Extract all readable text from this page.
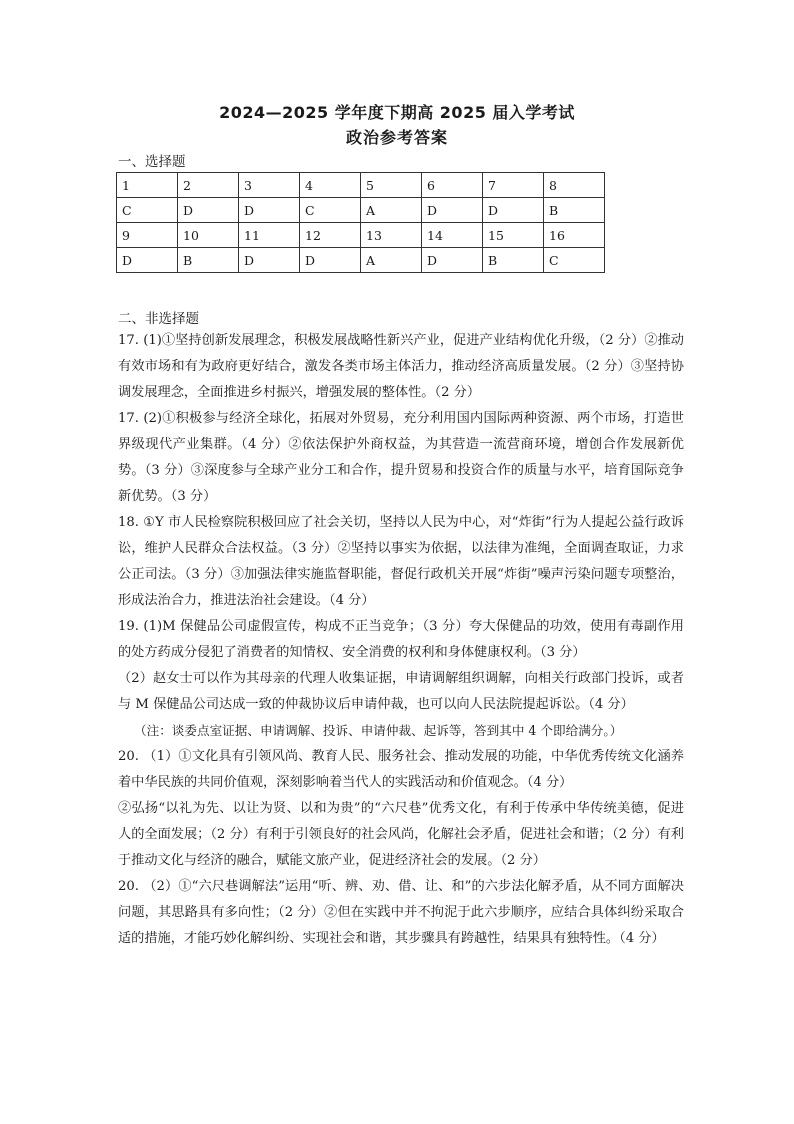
2024—2025 学年度下期高 2025 届入学考试
政治参考答案
一、选择题
1	2	3	4	5	6	7	8
C	D	D	C	A	D	D	B
9	10	11	12	13	14	15	16
D	B	D	D	A	D	B	C
二、非选择题

17. (1)①坚持创新发展理念，积极发展战略性新兴产业，促进产业结构优化升级，（2 分）②推动有效市场和有为政府更好结合，激发各类市场主体活力，推动经济高质量发展。（2 分）③坚持协调发展理念，全面推进乡村振兴，增强发展的整体性。（2 分）

17. (2)①积极参与经济全球化，拓展对外贸易，充分利用国内国际两种资源、两个市场，打造世界级现代产业集群。（4 分）②依法保护外商权益，为其营造一流营商环境，增创合作发展新优势。（3 分）③深度参与全球产业分工和合作，提升贸易和投资合作的质量与水平，培育国际竞争新优势。（3 分）

18. ①Y 市人民检察院积极回应了社会关切，坚持以人民为中心，对“炸街”行为人提起公益行政诉讼，维护人民群众合法权益。（3 分）②坚持以事实为依据，以法律为准绳，全面调查取证，力求公正司法。（3 分）③加强法律实施监督职能，督促行政机关开展“炸街”噪声污染问题专项整治，形成法治合力，推进法治社会建设。（4 分）

19. (1)M 保健品公司虚假宣传，构成不正当竞争；（3 分）夸大保健品的功效，使用有毒副作用的处方药成分侵犯了消费者的知情权、安全消费的权利和身体健康权利。（3 分）

（2）赵女士可以作为其母亲的代理人收集证据，申请调解组织调解，向相关行政部门投诉，或者与 M 保健品公司达成一致的仲裁协议后申请仲裁，也可以向人民法院提起诉讼。（4 分）

（注：谈委点室证据、申请调解、投诉、申请仲裁、起诉等，答到其中 4 个即给满分。）

20. （1）①文化具有引领风尚、教育人民、服务社会、推动发展的功能，中华优秀传统文化涵养着中华民族的共同价值观，深刻影响着当代人的实践活动和价值观念。（4 分）

②弘扬“以礼为先、以让为贤、以和为贵”的“六尺巷”优秀文化，有利于传承中华传统美德，促进人的全面发展；（2 分）有利于引领良好的社会风尚，化解社会矛盾，促进社会和谐；（2 分）有利于推动文化与经济的融合，赋能文旅产业，促进经济社会的发展。（2 分）

20. （2）①“六尺巷调解法”运用“听、辨、劝、借、让、和”的六步法化解矛盾，从不同方面解决问题，其思路具有多向性；（2 分）②但在实践中并不拘泥于此六步顺序，应结合具体纠纷采取合适的措施，才能巧妙化解纠纷、实现社会和谐，其步骤具有跨越性，结果具有独特性。（4 分）
